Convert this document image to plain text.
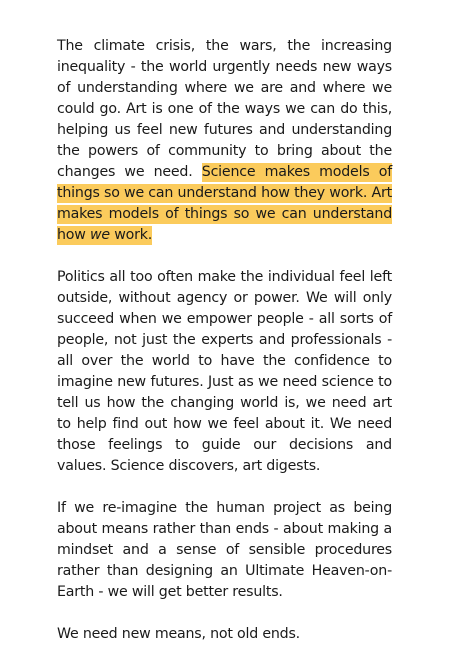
The climate crisis, the wars, the increasing inequality - the world urgently needs new ways of understanding where we are and where we could go. Art is one of the ways we can do this, helping us feel new futures and understanding the powers of community to bring about the changes we need. Science makes models of things so we can understand how they work. Art makes models of things so we can understand how we work.

Politics all too often make the individual feel left outside, without agency or power. We will only succeed when we empower people - all sorts of people, not just the experts and professionals - all over the world to have the confidence to imagine new futures. Just as we need science to tell us how the changing world is, we need art to help find out how we feel about it. We need those feelings to guide our decisions and values. Science discovers, art digests.

If we re-imagine the human project as being about means rather than ends - about making a mindset and a sense of sensible procedures rather than designing an Ultimate Heaven-on-Earth - we will get better results.

We need new means, not old ends.
